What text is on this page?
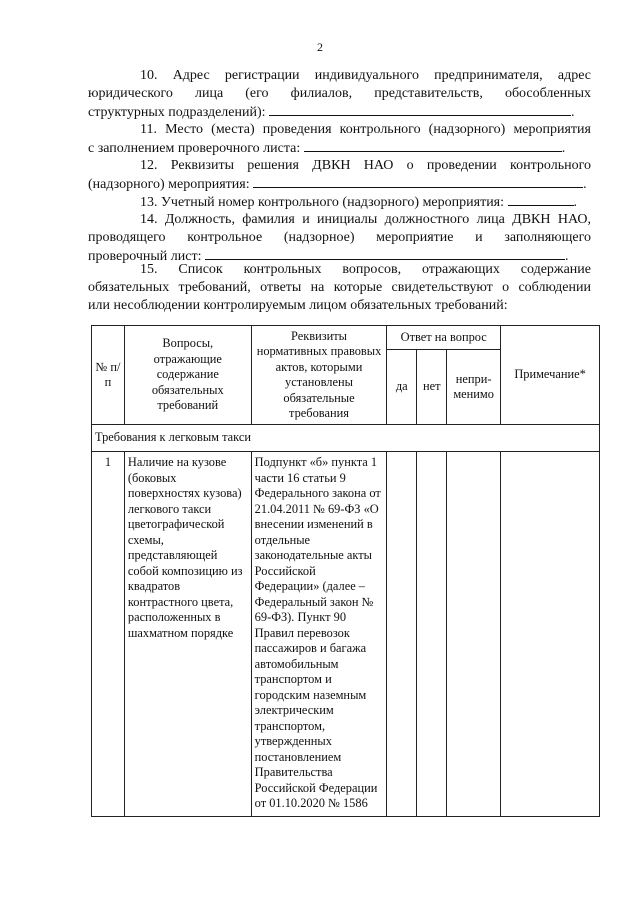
2
10. Адрес регистрации индивидуального предпринимателя, адрес
юридического лица (его филиалов, представительств, обособленных
структурных подразделений):	.
11. Место (места) проведения контрольного (надзорного) мероприятия
с заполнением проверочного листа:	.
12. Реквизиты решения ДВКН НАО о проведении контрольного
(надзорного) мероприятия:	.
13. Учетный номер контрольного (надзорного) мероприятия:	.
14. Должность, фамилия и инициалы должностного лица ДВКН НАО,
проводящего контрольное (надзорное) мероприятие и заполняющего
проверочный лист:	.
15. Список контрольных вопросов, отражающих содержание
обязательных требований, ответы на которые свидетельствуют о соблюдении
или несоблюдении контролируемым лицом обязательных требований:
№ п/п	Вопросы, отражающие содержание обязательных требований	Реквизиты нормативных правовых актов, которыми установлены обязательные требования	Ответ на вопрос			Примечание*
			да	нет	непри-менимо	
Требования к легковым такси						
1	Наличие на кузове (боковых поверхностях кузова) легкового такси цветографической схемы, представляющей собой композицию из квадратов контрастного цвета, расположенных в шахматном порядке	Подпункт «б» пункта 1 части 16 статьи 9 Федерального закона от 21.04.2011 № 69-ФЗ «О внесении изменений в отдельные законодательные акты Российской Федерации» (далее – Федеральный закон № 69-ФЗ). Пункт 90 Правил перевозок пассажиров и багажа автомобильным транспортом и городским наземным электрическим транспортом, утвержденных постановлением Правительства Российской Федерации от 01.10.2020 № 1586				
